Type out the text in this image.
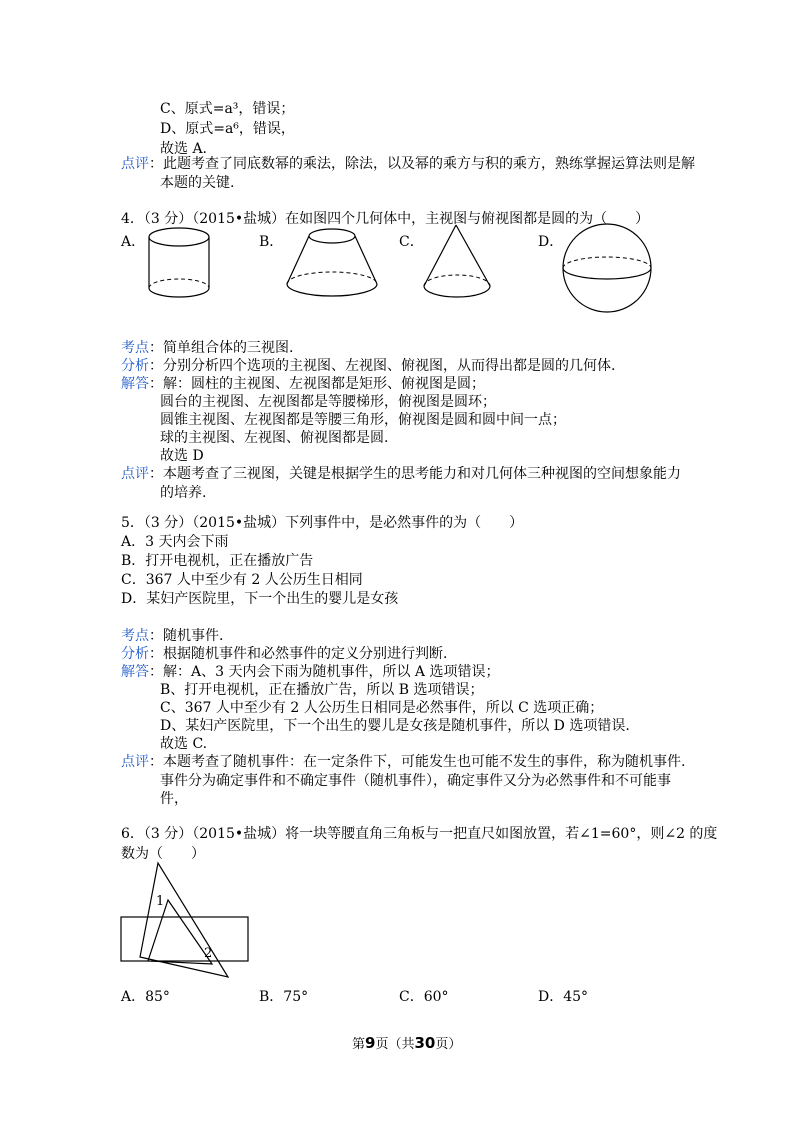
C、原式=a³，错误；
D、原式=a⁶，错误，
故选 A.
点评：此题考查了同底数幂的乘法，除法，以及幂的乘方与积的乘方，熟练掌握运算法则是解
本题的关键.
4．（3 分）（2015•盐城）在如图四个几何体中，主视图与俯视图都是圆的为（　　）
A．	B．	C．	D．
考点：简单组合体的三视图.
分析：分别分析四个选项的主视图、左视图、俯视图，从而得出都是圆的几何体.
解答：解：圆柱的主视图、左视图都是矩形、俯视图是圆；
圆台的主视图、左视图都是等腰梯形，俯视图是圆环；
圆锥主视图、左视图都是等腰三角形，俯视图是圆和圆中间一点；
球的主视图、左视图、俯视图都是圆.
故选 D
点评：本题考查了三视图，关键是根据学生的思考能力和对几何体三种视图的空间想象能力
的培养.
5．（3 分）（2015•盐城）下列事件中，是必然事件的为（　　）
A．3 天内会下雨
B．打开电视机，正在播放广告
C．367 人中至少有 2 人公历生日相同
D．某妇产医院里，下一个出生的婴儿是女孩
考点：随机事件.
分析：根据随机事件和必然事件的定义分别进行判断.
解答：解：A、3 天内会下雨为随机事件，所以 A 选项错误；
B、打开电视机，正在播放广告，所以 B 选项错误；
C、367 人中至少有 2 人公历生日相同是必然事件，所以 C 选项正确；
D、某妇产医院里，下一个出生的婴儿是女孩是随机事件，所以 D 选项错误.
故选 C.
点评：本题考查了随机事件：在一定条件下，可能发生也可能不发生的事件，称为随机事件.
事件分为确定事件和不确定事件（随机事件），确定事件又分为必然事件和不可能事
件，
6．（3 分）（2015•盐城）将一块等腰直角三角板与一把直尺如图放置，若∠1=60°，则∠2 的度
数为（　　）
1
2
A．85°	B．75°	C．60°	D．45°
第9页（共30页）
